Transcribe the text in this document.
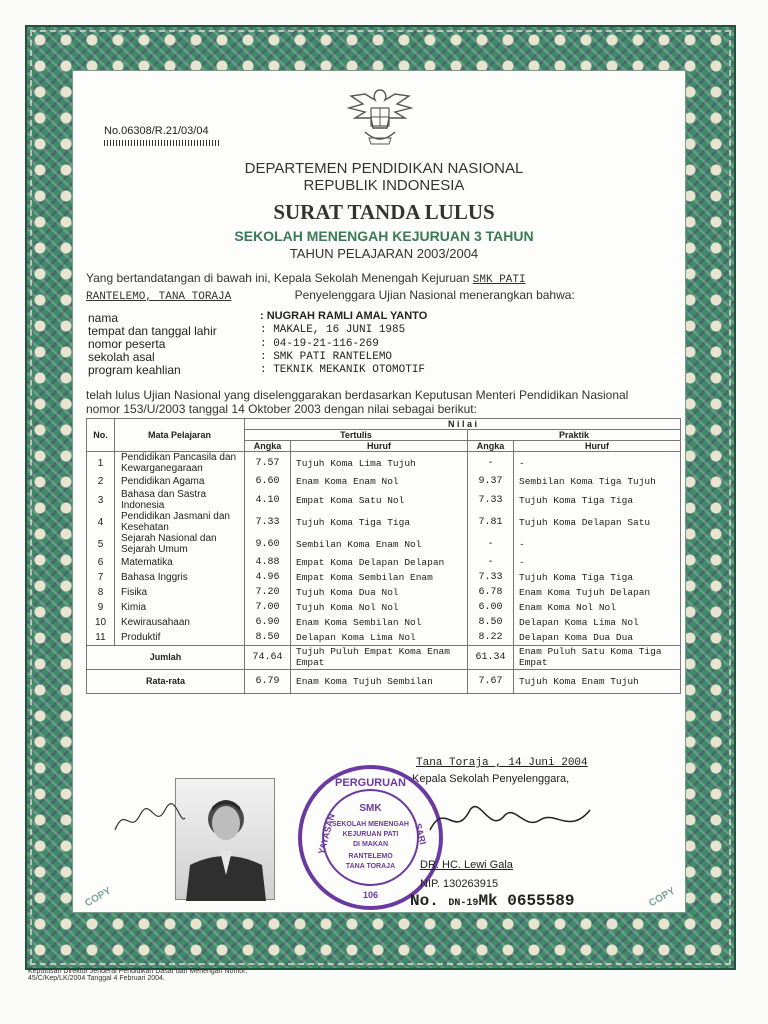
COPY	COPY
No.06308/R.21/03/04
DEPARTEMEN PENDIDIKAN NASIONAL
REPUBLIK INDONESIA
SURAT TANDA LULUS
SEKOLAH MENENGAH KEJURUAN 3 TAHUN
TAHUN PELAJARAN 2003/2004
Yang bertandatangan di bawah ini, Kepala Sekolah Menengah Kejuruan SMK PATI
RANTELEMO, TANA TORAJA	Penyelenggara Ujian Nasional menerangkan bahwa:
nama	: NUGRAH RAMLI AMAL YANTO
tempat dan tanggal lahir	: MAKALE, 16 JUNI 1985
nomor peserta	: 04-19-21-116-269
sekolah asal	: SMK PATI RANTELEMO
program keahlian	: TEKNIK MEKANIK OTOMOTIF
telah lulus Ujian Nasional yang diselenggarakan berdasarkan Keputusan Menteri Pendidikan Nasional
nomor 153/U/2003 tanggal 14 Oktober 2003 dengan nilai sebagai berikut:
No.	Mata Pelajaran	N i l a i			
		Tertulis		Praktik	
		Angka	Huruf	Angka	Huruf
1	Pendidikan Pancasila dan Kewarganegaraan	7.57	Tujuh Koma Lima Tujuh	-	-
2	Pendidikan Agama	6.60	Enam Koma Enam Nol	9.37	Sembilan Koma Tiga Tujuh
3	Bahasa dan Sastra Indonesia	4.10	Empat Koma Satu Nol	7.33	Tujuh Koma Tiga Tiga
4	Pendidikan Jasmani dan Kesehatan	7.33	Tujuh Koma Tiga Tiga	7.81	Tujuh Koma Delapan Satu
5	Sejarah Nasional dan Sejarah Umum	9.60	Sembilan Koma Enam Nol	-	-
6	Matematika	4.88	Empat Koma Delapan Delapan	-	-
7	Bahasa Inggris	4.96	Empat Koma Sembilan Enam	7.33	Tujuh Koma Tiga Tiga
8	Fisika	7.20	Tujuh Koma Dua Nol	6.78	Enam Koma Tujuh Delapan
9	Kimia	7.00	Tujuh Koma Nol Nol	6.00	Enam Koma Nol Nol
10	Kewirausahaan	6.90	Enam Koma Sembilan Nol	8.50	Delapan Koma Lima Nol
11	Produktif	8.50	Delapan Koma Lima Nol	8.22	Delapan Koma Dua Dua
Jumlah		74.64	Tujuh Puluh Empat Koma Enam Empat	61.34	Enam Puluh Satu Koma Tiga Empat
Rata-rata		6.79	Enam Koma Tujuh Sembilan	7.67	Tujuh Koma Enam Tujuh
Tana Toraja , 14 Juni 2004
Kepala Sekolah Penyelenggara,
PERGURUAN
SMK
SEKOLAH MENENGAH
KEJURUAN PATI
DI MAKAN
RANTELEMO
TANA TORAJA
106
YAYASAN	SARI
DR. HC. Lewi Gala
NIP. 130263915
No. DN-19Mk 0655589
Keputusan Direktur Jenderal Pendidikan Dasar dan Menengah Nomor: 45/C/Kep/LK/2004 Tanggal 4 Februari 2004.
